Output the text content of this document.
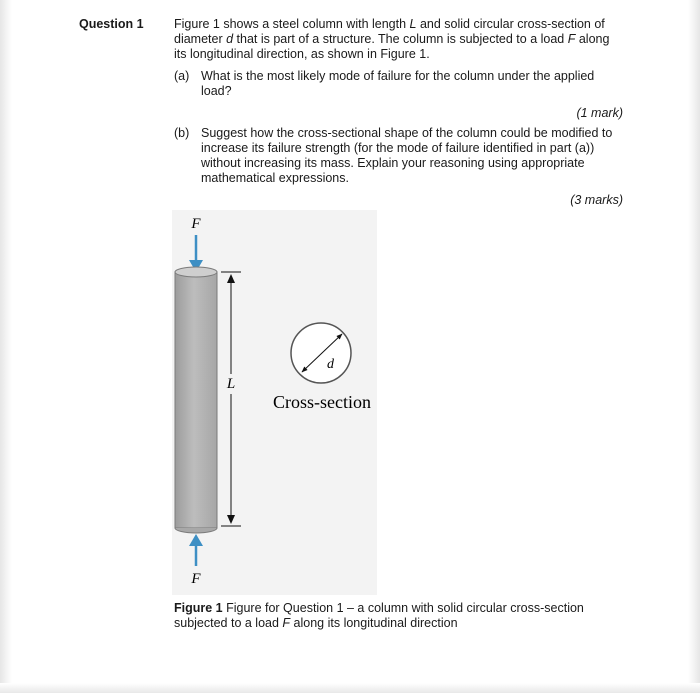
Question 1 Figure 1 shows a steel column with length L and solid circular cross-section of diameter d that is part of a structure. The column is subjected to a load F along its longitudinal direction, as shown in Figure 1.
(a) What is the most likely mode of failure for the column under the applied load?
(1 mark)
(b) Suggest how the cross-sectional shape of the column could be modified to increase its failure strength (for the mode of failure identified in part (a)) without increasing its mass. Explain your reasoning using appropriate mathematical expressions.
(3 marks)
F
F
L
d
Cross-section
Figure 1 Figure for Question 1 – a column with solid circular cross-section subjected to a load F along its longitudinal direction
